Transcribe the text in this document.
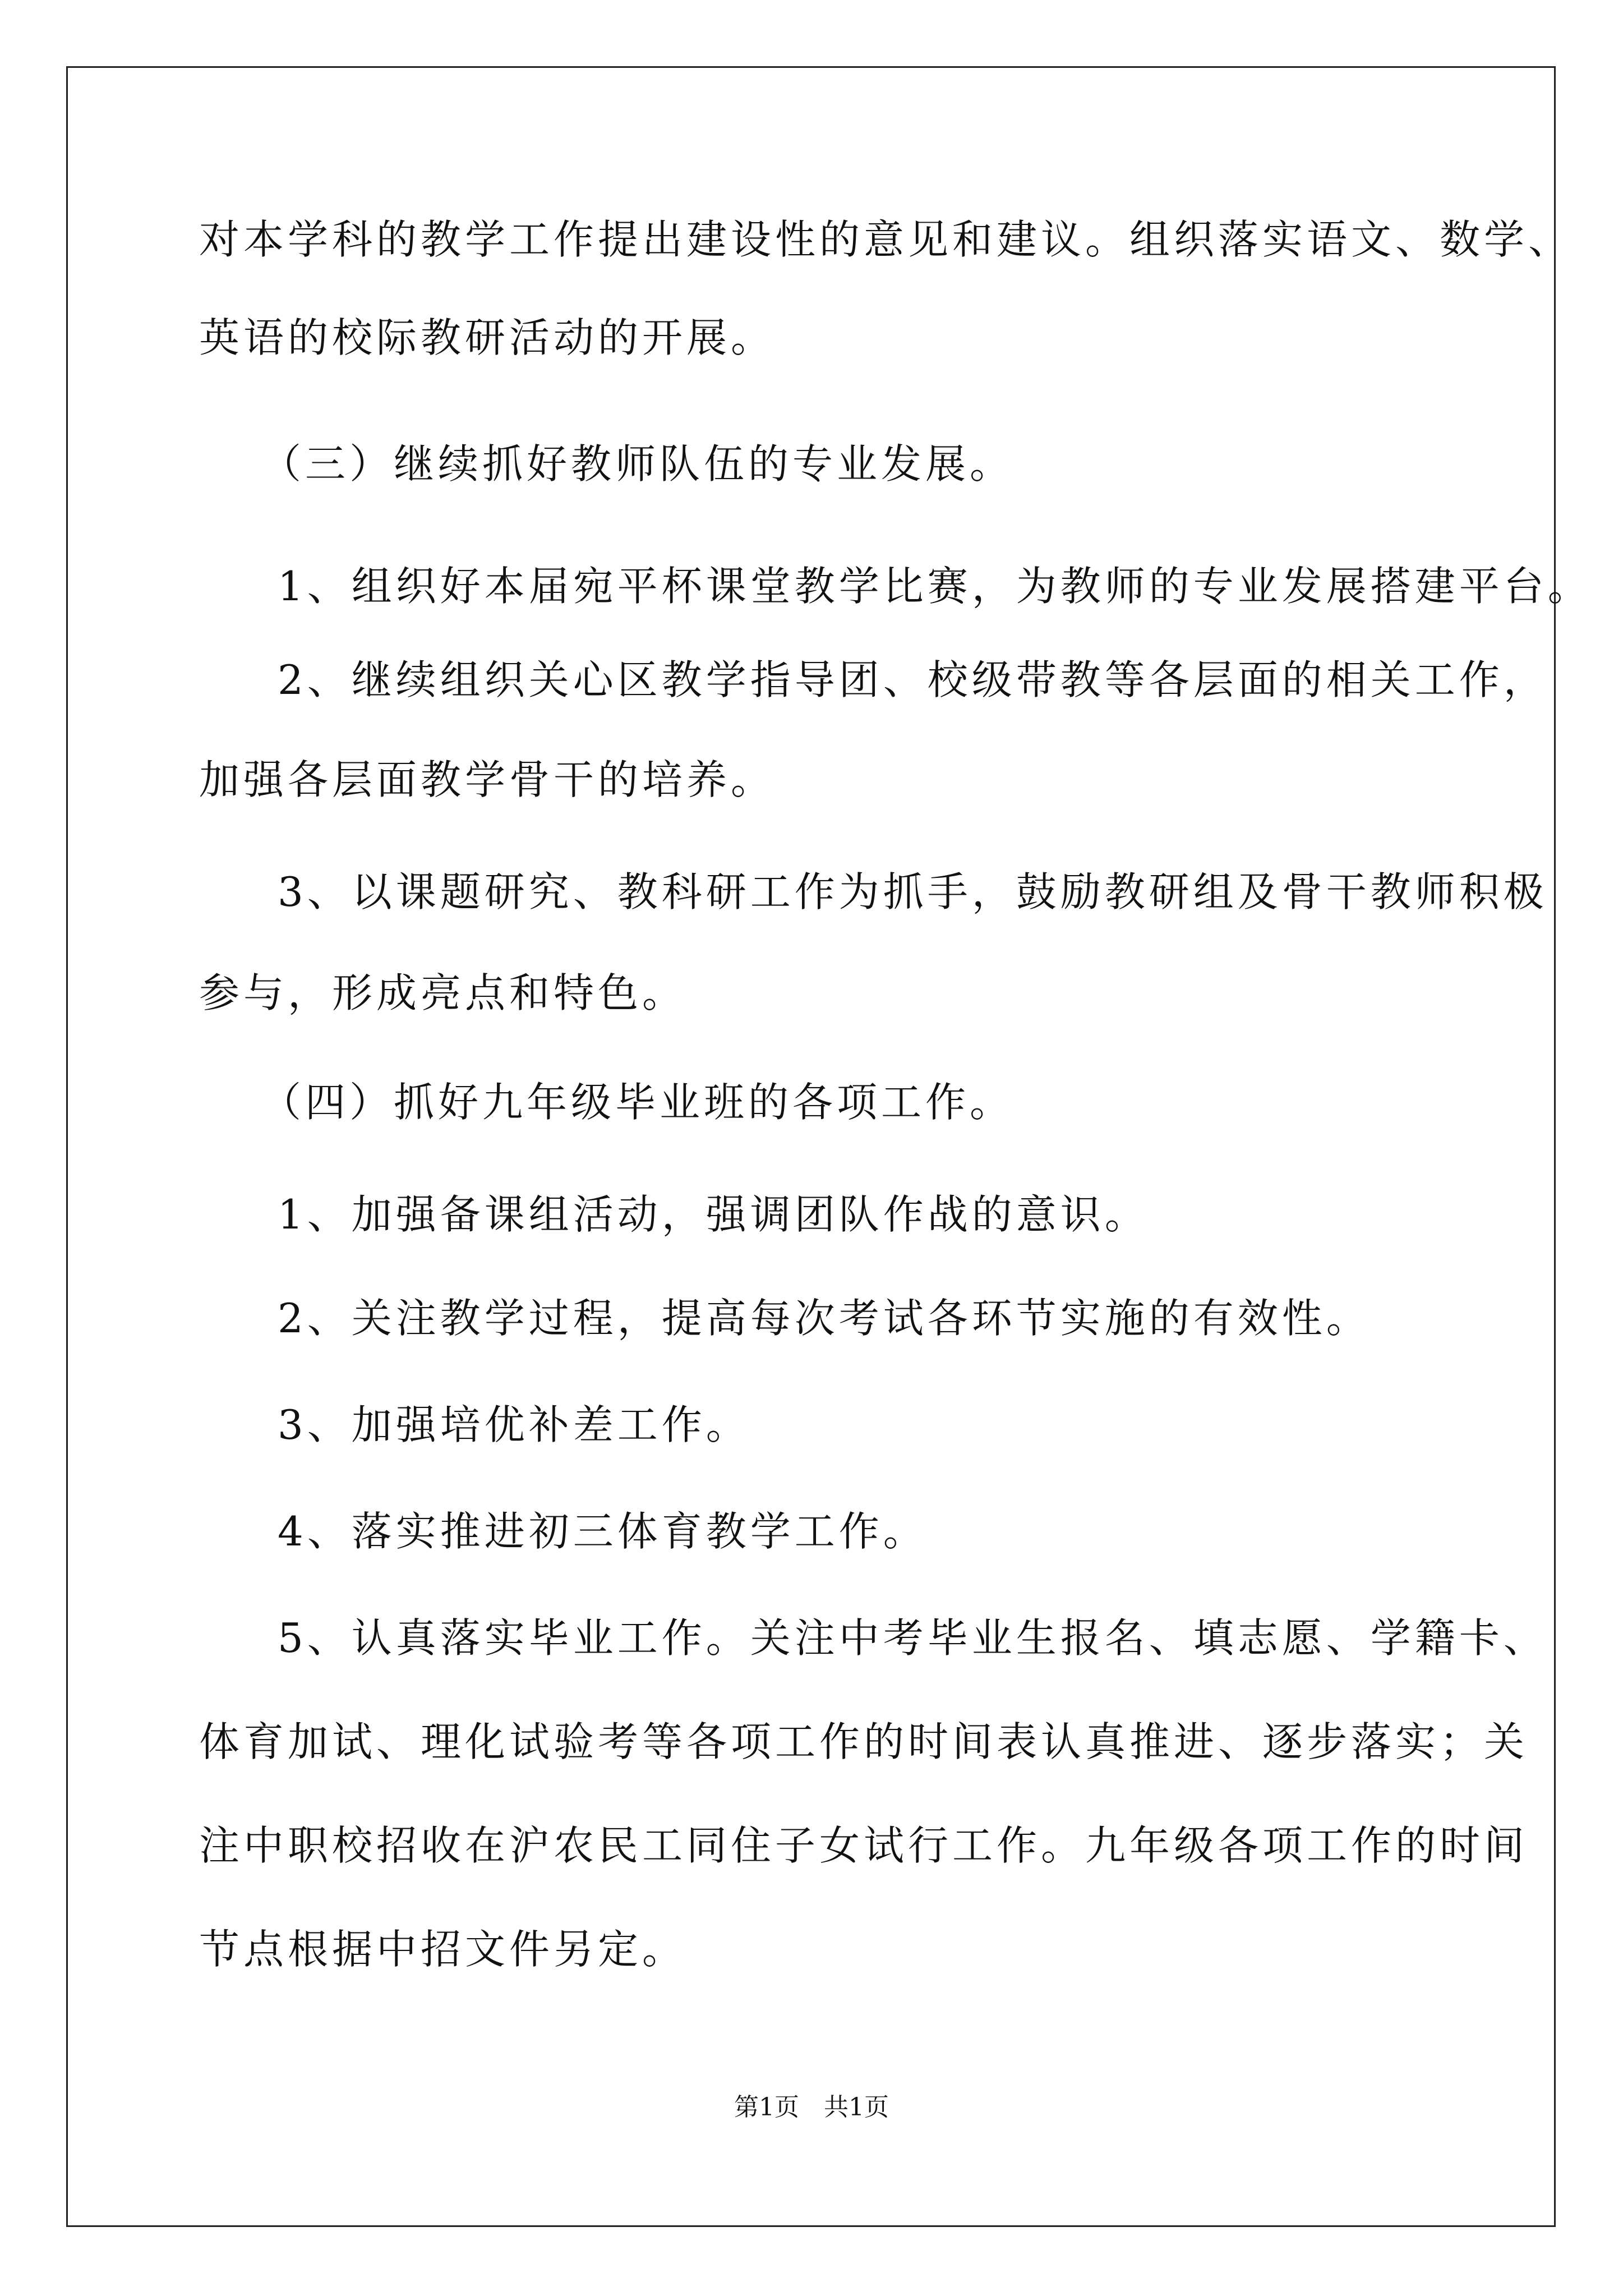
对本学科的教学工作提出建设性的意见和建议。组织落实语文、数学、
英语的校际教研活动的开展。
（三）继续抓好教师队伍的专业发展。
1、组织好本届宛平杯课堂教学比赛，为教师的专业发展搭建平台。
2、继续组织关心区教学指导团、校级带教等各层面的相关工作，
加强各层面教学骨干的培养。
3、以课题研究、教科研工作为抓手，鼓励教研组及骨干教师积极
参与，形成亮点和特色。
（四）抓好九年级毕业班的各项工作。
1、加强备课组活动，强调团队作战的意识。
2、关注教学过程，提高每次考试各环节实施的有效性。
3、加强培优补差工作。
4、落实推进初三体育教学工作。
5、认真落实毕业工作。关注中考毕业生报名、填志愿、学籍卡、
体育加试、理化试验考等各项工作的时间表认真推进、逐步落实；关
注中职校招收在沪农民工同住子女试行工作。九年级各项工作的时间
节点根据中招文件另定。
第1页　共1页
